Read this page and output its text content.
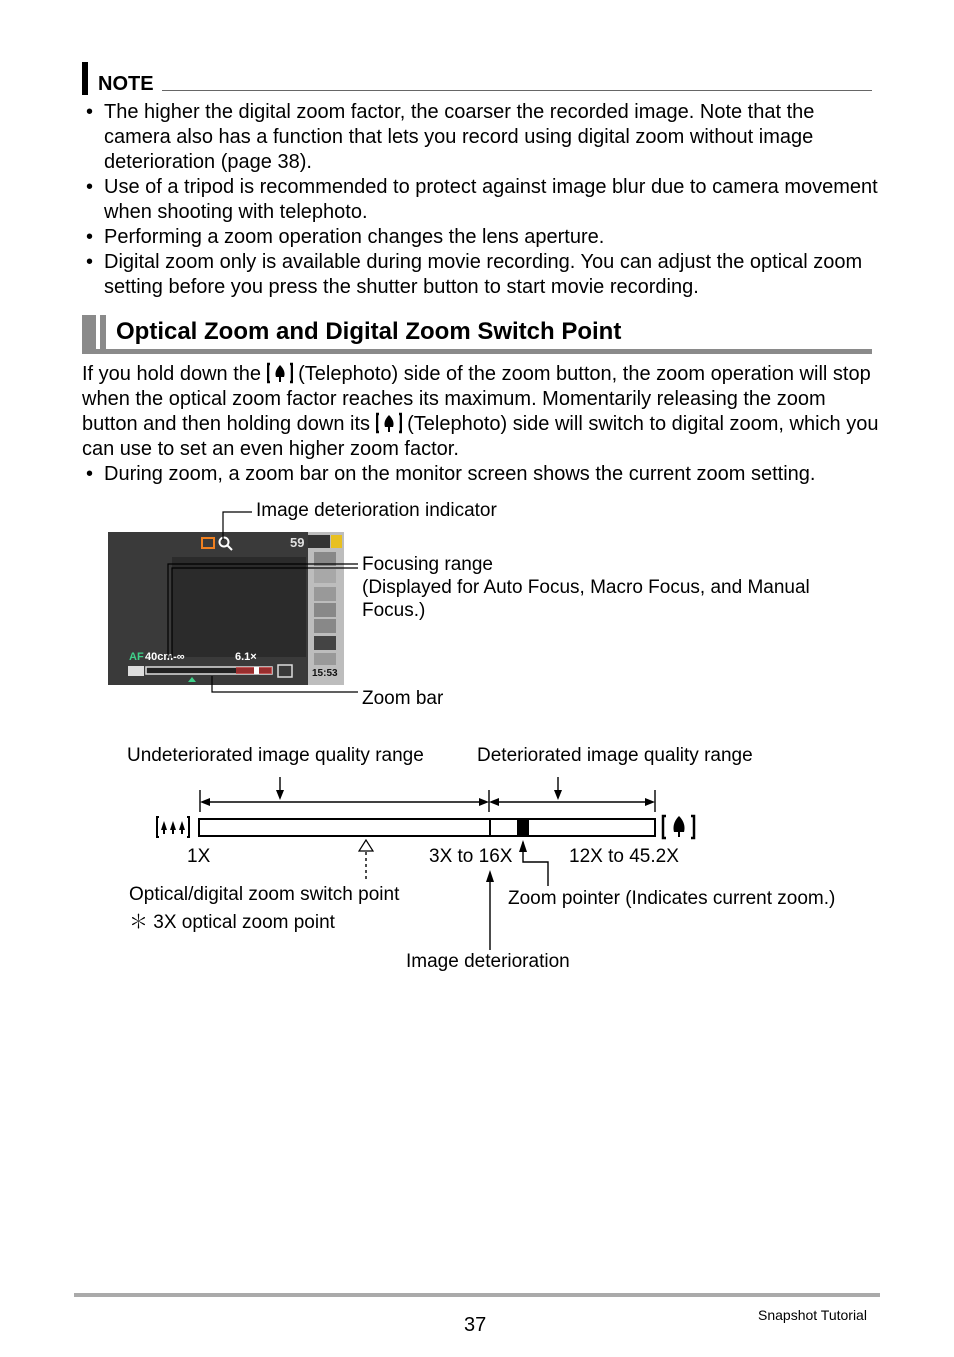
NOTE
• The higher the digital zoom factor, the coarser the recorded image. Note that the camera also has a function that lets you record using digital zoom without image deterioration (page 38).
• Use of a tripod is recommended to protect against image blur due to camera movement when shooting with telephoto.
• Performing a zoom operation changes the lens aperture.
• Digital zoom only is available during movie recording. You can adjust the optical zoom setting before you press the shutter button to start movie recording.
Optical Zoom and Digital Zoom Switch Point

If you hold down the (Telephoto) side of the zoom button, the zoom operation will stop when the optical zoom factor reaches its maximum. Momentarily releasing the zoom button and then holding down its (Telephoto) side will switch to digital zoom, which you can use to set an even higher zoom factor.

• During zoom, a zoom bar on the monitor screen shows the current zoom setting.
59
AF 40cm-∞	6.1×
15:53
Image deterioration indicator
Focusing range
(Displayed for Auto Focus, Macro Focus, and Manual
Focus.)
Zoom bar
Undeteriorated image quality range	Deteriorated image quality range
1X	3X to 16X	12X to 45.2X
Optical/digital zoom switch point
＊ 3X optical zoom point
Zoom pointer (Indicates current zoom.)
Image deterioration
37	Snapshot Tutorial
